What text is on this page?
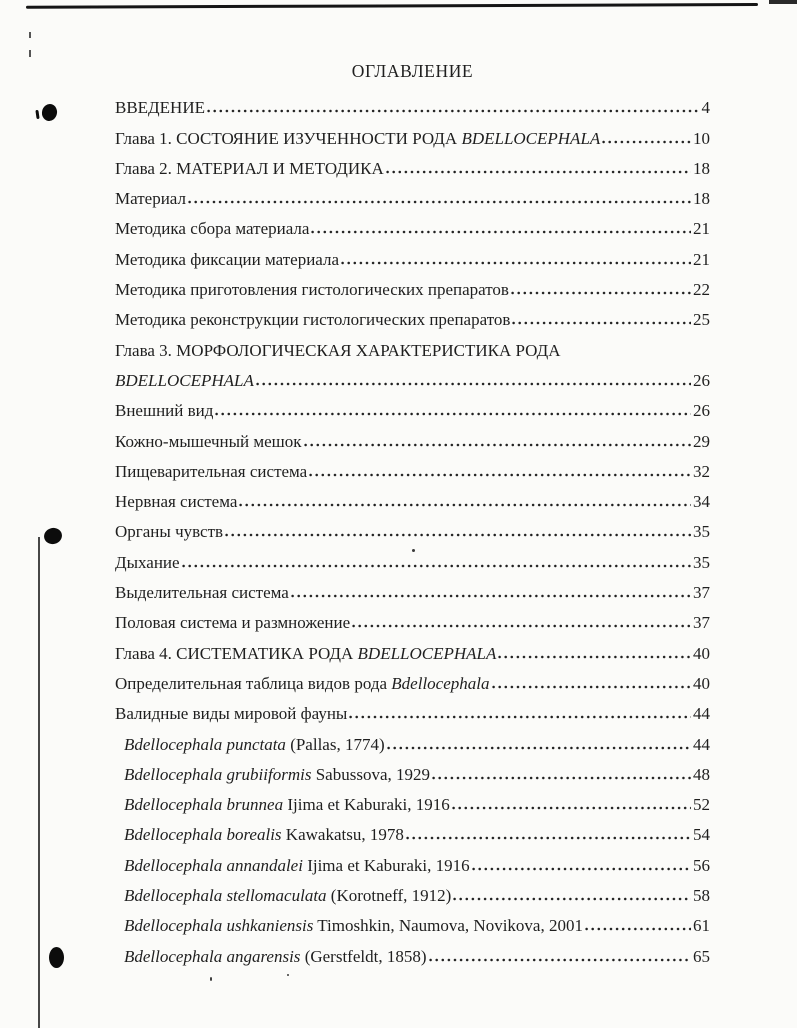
ОГЛАВЛЕНИЕ
ВВЕДЕНИЕ	4
Глава 1. СОСТОЯНИЕ ИЗУЧЕННОСТИ РОДА BDELLOCEPHALA	10
Глава 2. МАТЕРИАЛ И МЕТОДИКА	18
Материал	18
Методика сбора материала	21
Методика фиксации материала	21
Методика приготовления гистологических препаратов	22
Методика реконструкции гистологических препаратов	25
Глава 3. МОРФОЛОГИЧЕСКАЯ ХАРАКТЕРИСТИКА РОДА
BDELLOCEPHALA	26
Внешний вид	26
Кожно-мышечный мешок	29
Пищеварительная система	32
Нервная система	34
Органы чувств	35
Дыхание	35
Выделительная система	37
Половая система и размножение	37
Глава 4. СИСТЕМАТИКА РОДА BDELLOCEPHALA	40
Определительная таблица видов рода Bdellocephala	40
Валидные виды мировой фауны	44
Bdellocephala punctata (Pallas, 1774)	44
Bdellocephala grubiiformis Sabussova, 1929	48
Bdellocephala brunnea Ijima et Kaburaki, 1916	52
Bdellocephala borealis Kawakatsu, 1978	54
Bdellocephala annandalei Ijima et Kaburaki, 1916	56
Bdellocephala stellomaculata (Korotneff, 1912)	58
Bdellocephala ushkaniensis Timoshkin, Naumova, Novikova, 2001	61
Bdellocephala angarensis (Gerstfeldt, 1858)	65
